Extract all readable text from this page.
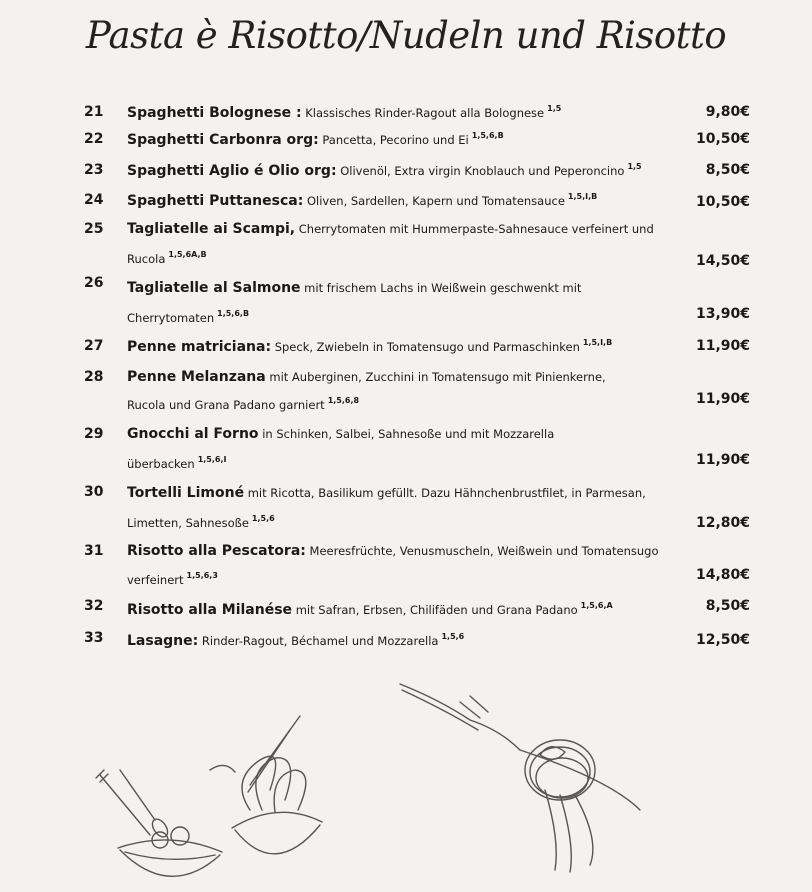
Pasta è Risotto/Nudeln und Risotto
21	Spaghetti Bolognese : Klassisches Rinder-Ragout alla Bolognese $^{1,5}$	9,80€
22	Spaghetti Carbonra org: Pancetta, Pecorino und Ei $^{1,5,6,B}$	10,50€
23	Spaghetti Aglio é Olio org: Olivenöl, Extra virgin Knoblauch und Peperoncino $^{1,5}$	8,50€
24	Spaghetti Puttanesca: Oliven, Sardellen, Kapern und Tomatensauce $^{1,5,I,B}$	10,50€
25	Tagliatelle ai Scampi, Cherrytomaten mit Hummerpaste-Sahnesauce verfeinert und
Rucola $^{1,5,6A,B}$	14,50€
26	Tagliatelle al Salmone mit frischem Lachs in Weißwein geschwenkt mit
Cherrytomaten $^{1,5,6,B}$	13,90€
27	Penne matriciana: Speck, Zwiebeln in Tomatensugo und Parmaschinken $^{1,5,I,B}$	11,90€
28	Penne Melanzana mit Auberginen, Zucchini in Tomatensugo mit Pinienkerne,
Rucola und Grana Padano garniert $^{1,5,6,8}$	11,90€
29	Gnocchi al Forno in Schinken, Salbei, Sahnesoße und mit Mozzarella
überbacken $^{1,5,6,I}$	11,90€
30	Tortelli Limoné mit Ricotta, Basilikum gefüllt. Dazu Hähnchenbrustfilet, in Parmesan,
Limetten, Sahnesoße $^{1,5,6}$	12,80€
31	Risotto alla Pescatora: Meeresfrüchte, Venusmuscheln, Weißwein und Tomatensugo
verfeinert $^{1,5,6,3}$	14,80€
32	Risotto alla Milanése mit Safran, Erbsen, Chilifäden und Grana Padano $^{1,5,6,A}$	8,50€
33	Lasagne: Rinder-Ragout, Béchamel und Mozzarella $^{1,5,6}$	12,50€
